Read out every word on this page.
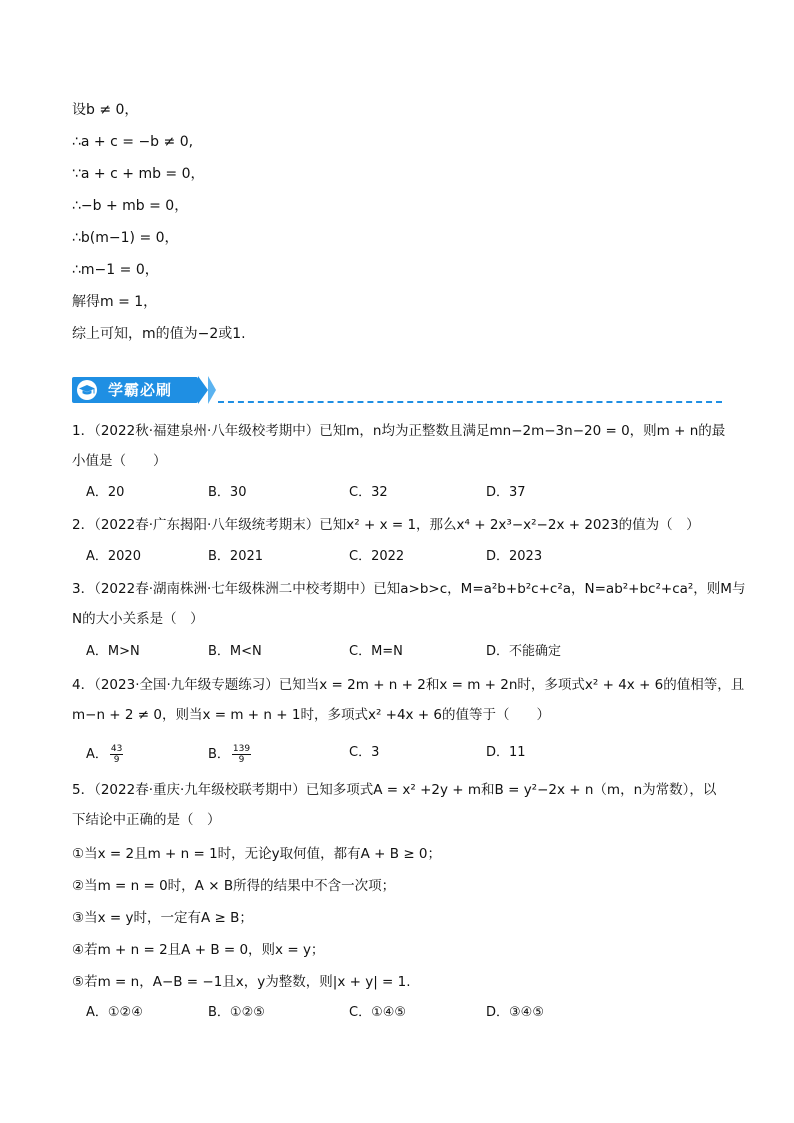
设b ≠ 0，
∴a + c = −b ≠ 0,
∵a + c + mb = 0，
∴−b + mb = 0，
∴b(m−1) = 0，
∴m−1 = 0，
解得m = 1，
综上可知，m的值为−2或1.
学霸必刷
1．（2022秋·福建泉州·八年级校考期中）已知m，n均为正整数且满足mn−2m−3n−20 = 0，则m + n的最
小值是（　　）
A．20	B．30	C．32	D．37
2．（2022春·广东揭阳·八年级统考期末）已知x² + x = 1，那么x⁴ + 2x³−x²−2x + 2023的值为（　）
A．2020	B．2021	C．2022	D．2023
3．（2022春·湖南株洲·七年级株洲二中校考期中）已知a>b>c，M=a²b+b²c+c²a，N=ab²+bc²+ca²，则M与
N的大小关系是（　）
A．M>N	B．M<N	C．M=N	D．不能确定
4．（2023·全国·九年级专题练习）已知当x = 2m + n + 2和x = m + 2n时，多项式x² + 4x + 6的值相等，且
m−n + 2 ≠ 0，则当x = m + n + 1时，多项式x² +4x + 6的值等于（　　）
A． $\frac{43}{9}$	B． $\frac{139}{9}$	C．3	D．11
5．（2022春·重庆·九年级校联考期中）已知多项式A = x² +2y + m和B = y²−2x + n（m，n为常数），以
下结论中正确的是（　）
①当x = 2且m + n = 1时，无论y取何值，都有A + B ≥ 0；
②当m = n = 0时，A × B所得的结果中不含一次项；
③当x = y时，一定有A ≥ B；
④若m + n = 2且A + B = 0，则x = y；
⑤若m = n，A−B = −1且x，y为整数，则|x + y| = 1.
A．①②④	B．①②⑤	C．①④⑤	D．③④⑤
